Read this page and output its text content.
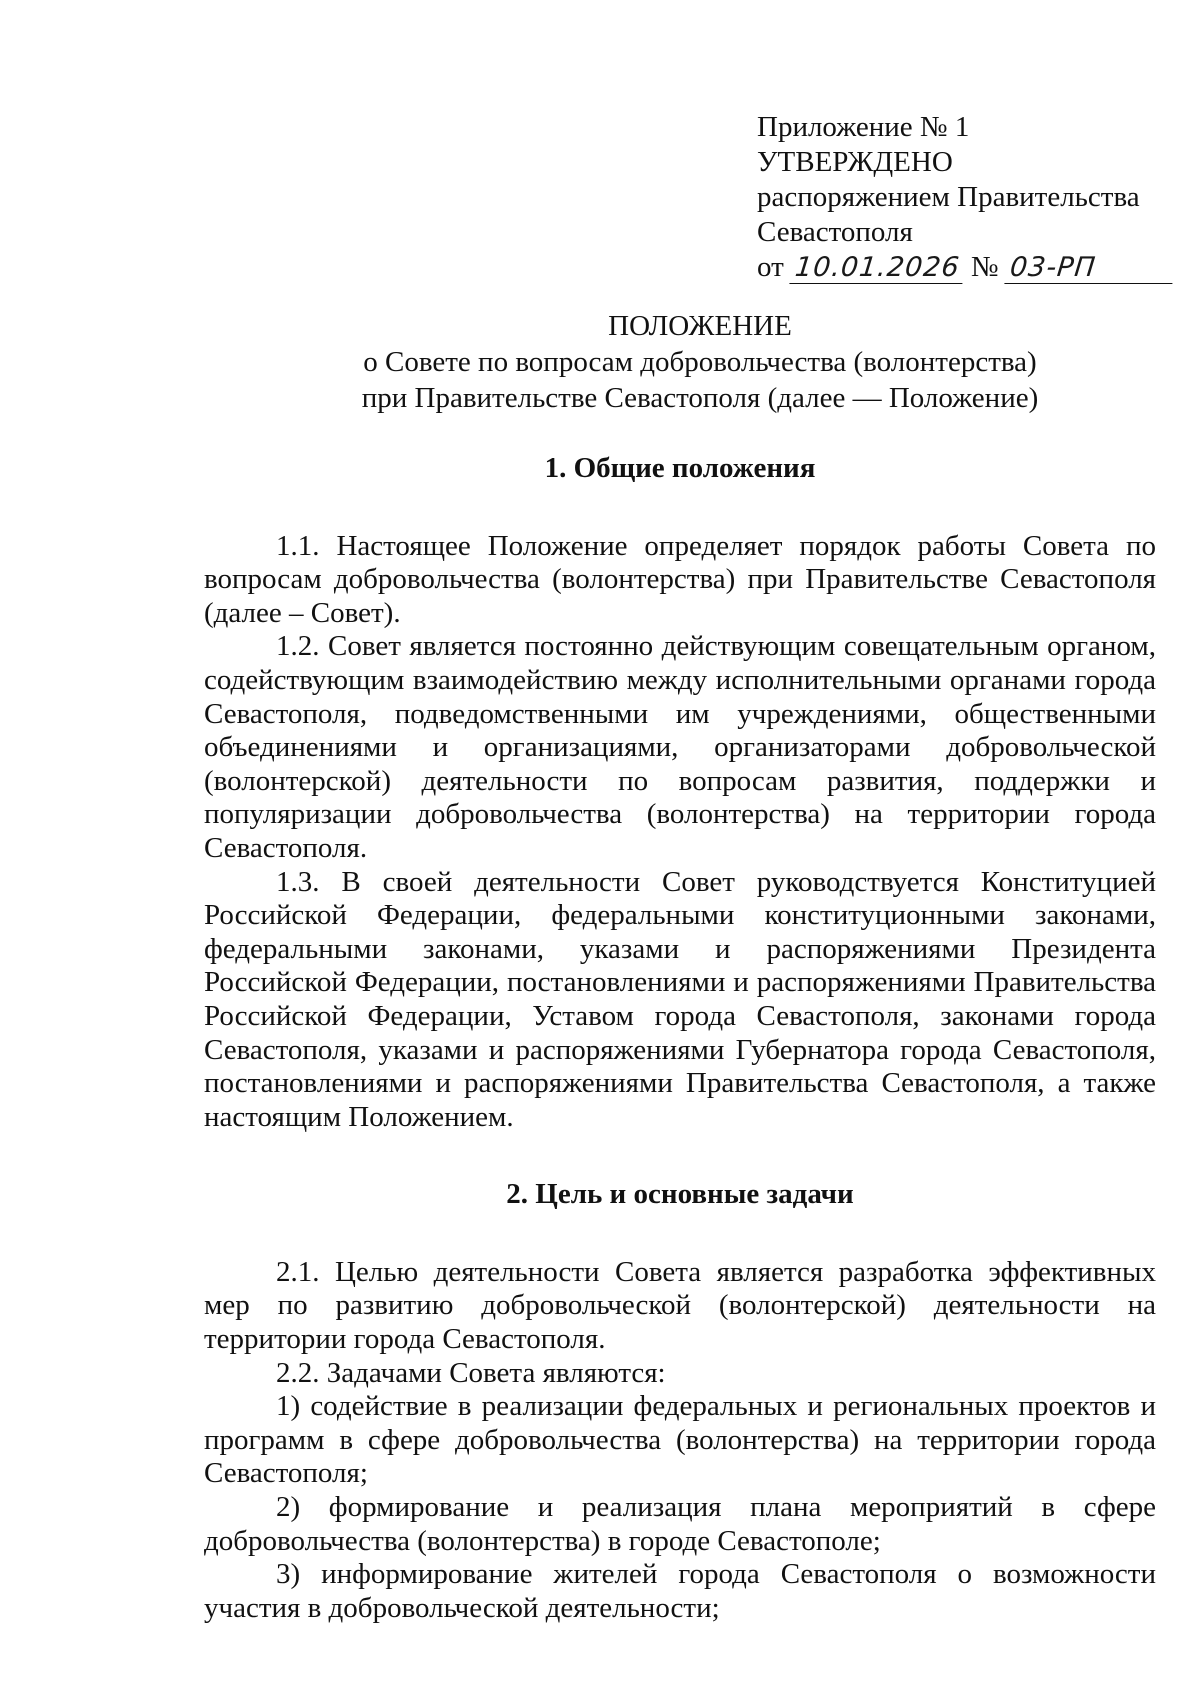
Приложение № 1
УТВЕРЖДЕНО
распоряжением Правительства
Севастополя
от 10.01.2026 № 03-РП
ПОЛОЖЕНИЕ
о Совете по вопросам добровольчества (волонтерства)
при Правительстве Севастополя (далее — Положение)

1. Общие положения

1.1. Настоящее Положение определяет порядок работы Совета по вопросам добровольчества (волонтерства) при Правительстве Севастополя (далее – Совет).

1.2. Совет является постоянно действующим совещательным органом, содействующим взаимодействию между исполнительными органами города Севастополя, подведомственными им учреждениями, общественными объединениями и организациями, организаторами добровольческой (волонтерской) деятельности по вопросам развития, поддержки и популяризации добровольчества (волонтерства) на территории города Севастополя.

1.3. В своей деятельности Совет руководствуется Конституцией Российской Федерации, федеральными конституционными законами, федеральными законами, указами и распоряжениями Президента Российской Федерации, постановлениями и распоряжениями Правительства Российской Федерации, Уставом города Севастополя, законами города Севастополя, указами и распоряжениями Губернатора города Севастополя, постановлениями и распоряжениями Правительства Севастополя, а также настоящим Положением.

2. Цель и основные задачи

2.1. Целью деятельности Совета является разработка эффективных мер по развитию добровольческой (волонтерской) деятельности на территории города Севастополя.

2.2. Задачами Совета являются:

1) содействие в реализации федеральных и региональных проектов и программ в сфере добровольчества (волонтерства) на территории города Севастополя;

2) формирование и реализация плана мероприятий в сфере добровольчества (волонтерства) в городе Севастополе;

3) информирование жителей города Севастополя о возможности участия в добровольческой деятельности;
